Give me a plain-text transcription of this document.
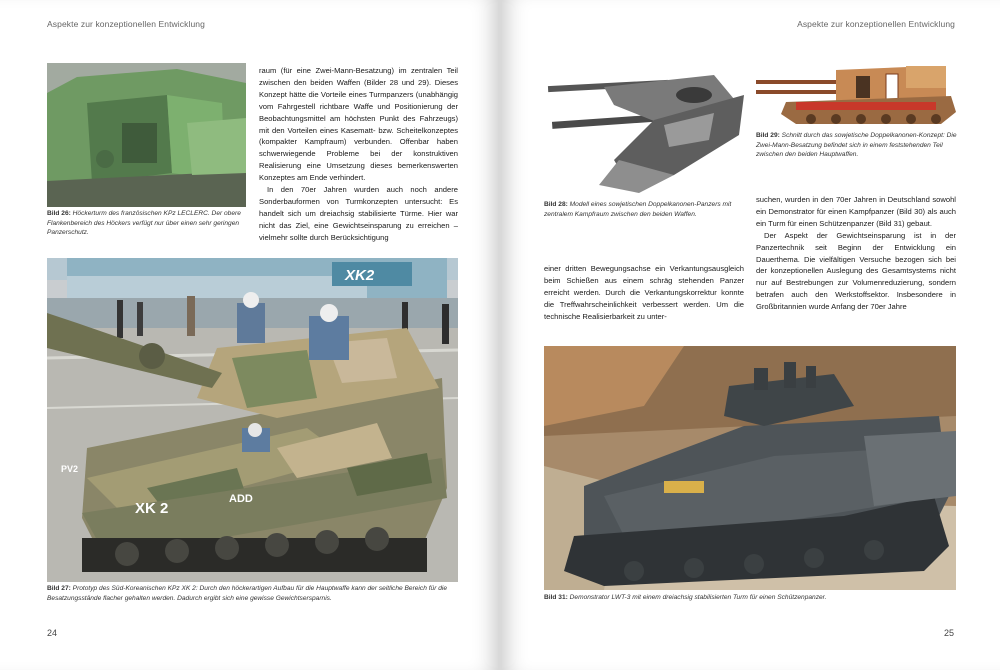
Aspekte zur konzeptionellen Entwicklung
Bild 26: Höckerturm des französischen KPz LECLERC. Der obere Flankenbereich des Höckers verfügt nur über einen sehr geringen Panzerschutz.

raum (für eine Zwei-Mann-Besatzung) im zentralen Teil zwischen den beiden Waffen (Bilder 28 und 29). Dieses Konzept hätte die Vorteile eines Turmpanzers (unabhängig vom Fahrgestell richtbare Waffe und Positionierung der Beobachtungsmittel am höchsten Punkt des Fahrzeugs) mit den Vorteilen eines Kasematt- bzw. Scheitelkonzeptes (kompakter Kampfraum) verbunden. Offenbar haben schwerwiegende Probleme bei der konstruktiven Realisierung eine Umsetzung dieses bemerkenswerten Konzeptes am Ende verhindert.

In den 70er Jahren wurden auch noch andere Sonderbauformen von Turmkonzepten untersucht: Es handelt sich um dreiachsig stabilisierte Türme. Hier war nicht das Ziel, eine Gewichtseinsparung zu erreichen – vielmehr sollte durch Berücksichtigung

XK2
PV2
XK 2
ADD
Bild 27: Prototyp des Süd-Koreanischen KPz XK 2: Durch den höckerartigen Aufbau für die Hauptwaffe kann der seitliche Bereich für die Besatzungsstände flacher gehalten werden. Dadurch ergibt sich eine gewisse Gewichtsersparnis.
24
Aspekte zur konzeptionellen Entwicklung
Bild 28: Modell eines sowjetischen Doppelkanonen-Panzers mit zentralem Kampfraum zwischen den beiden Waffen.
Bild 29: Schnitt durch das sowjetische Doppelkanonen-Konzept: Die Zwei-Mann-Besatzung befindet sich in einem feststehenden Teil zwischen den beiden Hauptwaffen.

einer dritten Bewegungsachse ein Verkantungsausgleich beim Schießen aus einem schräg stehenden Panzer erreicht werden. Durch die Verkantungskorrektur konnte die Treffwahrscheinlichkeit verbessert werden. Um die technische Realisierbarkeit zu unter-

suchen, wurden in den 70er Jahren in Deutschland sowohl ein Demonstrator für einen Kampfpanzer (Bild 30) als auch ein Turm für einen Schützenpanzer (Bild 31) gebaut.

Der Aspekt der Gewichtseinsparung ist in der Panzertechnik seit Beginn der Entwicklung ein Dauerthema. Die vielfältigen Versuche bezogen sich bei der konzeptionellen Auslegung des Gesamtsystems nicht nur auf Bestrebungen zur Volumenreduzierung, sondern betrafen auch den Werkstoffsektor. Insbesondere in Großbritannien wurde Anfang der 70er Jahre

Bild 31: Demonstrator LWT-3 mit einem dreiachsig stabilisierten Turm für einen Schützenpanzer.
25
